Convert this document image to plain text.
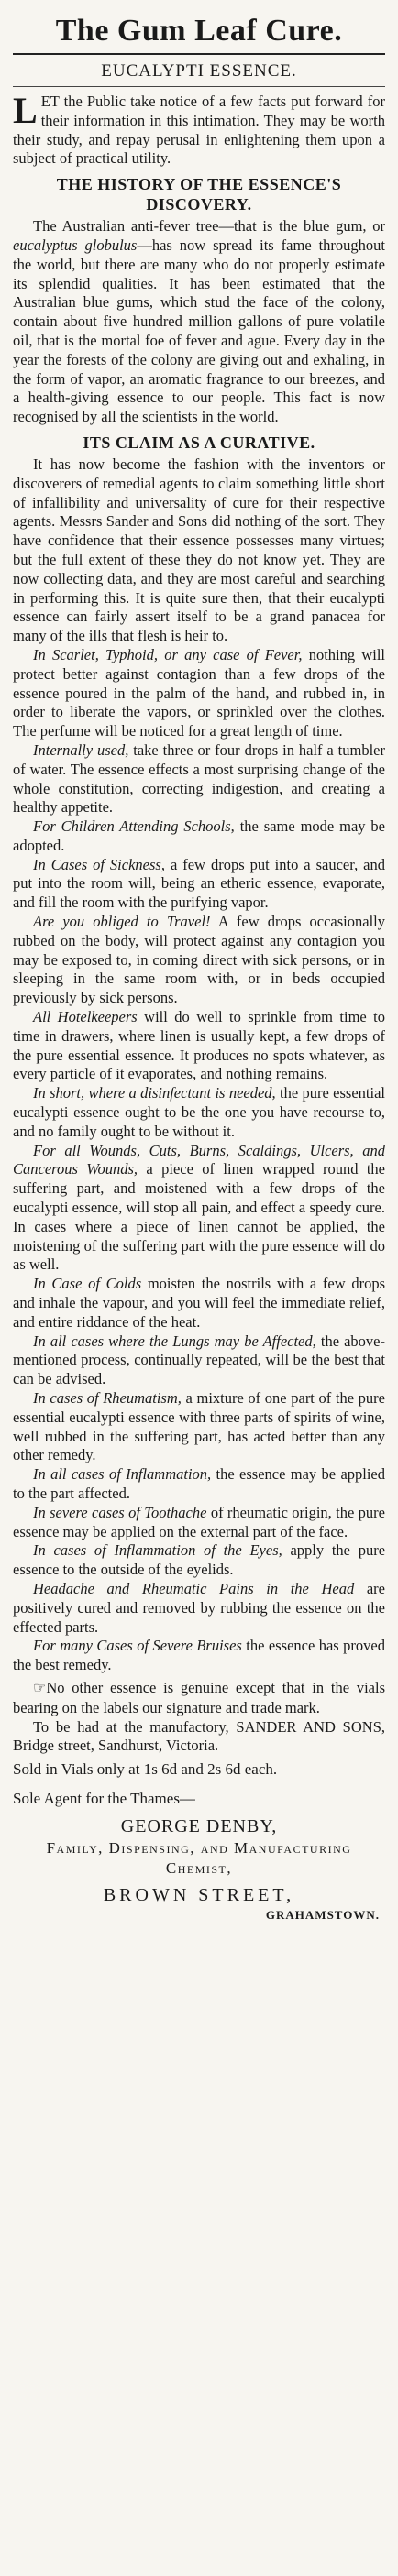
The Gum Leaf Cure.
EUCALYPTI ESSENCE.
L ET the Public take notice of a few facts put forward for their information in this intimation. They may be worth their study, and repay perusal in enlightening them upon a subject of practical utility.
THE HISTORY OF THE ESSENCE'S DISCOVERY.

The Australian anti-fever tree—that is the blue gum, or eucalyptus globulus—has now spread its fame throughout the world, but there are many who do not properly estimate its splendid qualities. It has been estimated that the Australian blue gums, which stud the face of the colony, contain about five hundred million gallons of pure volatile oil, that is the mortal foe of fever and ague. Every day in the year the forests of the colony are giving out and exhaling, in the form of vapor, an aromatic fragrance to our breezes, and a health-giving essence to our people. This fact is now recognised by all the scientists in the world.

ITS CLAIM AS A CURATIVE.

It has now become the fashion with the inventors or discoverers of remedial agents to claim something little short of infallibility and universality of cure for their respective agents. Messrs Sander and Sons did nothing of the sort. They have confidence that their essence possesses many virtues; but the full extent of these they do not know yet. They are now collecting data, and they are most careful and searching in performing this. It is quite sure then, that their eucalypti essence can fairly assert itself to be a grand panacea for many of the ills that flesh is heir to.

In Scarlet, Typhoid, or any case of Fever, nothing will protect better against contagion than a few drops of the essence poured in the palm of the hand, and rubbed in, in order to liberate the vapors, or sprinkled over the clothes. The perfume will be noticed for a great length of time.

Internally used, take three or four drops in half a tumbler of water. The essence effects a most surprising change of the whole constitution, correcting indigestion, and creating a healthy appetite.

For Children Attending Schools, the same mode may be adopted.

In Cases of Sickness, a few drops put into a saucer, and put into the room will, being an etheric essence, evaporate, and fill the room with the purifying vapor.

Are you obliged to Travel! A few drops occasionally rubbed on the body, will protect against any contagion you may be exposed to, in coming direct with sick persons, or in sleeping in the same room with, or in beds occupied previously by sick persons.

All Hotelkeepers will do well to sprinkle from time to time in drawers, where linen is usually kept, a few drops of the pure essential essence. It produces no spots whatever, as every particle of it evaporates, and nothing remains.

In short, where a disinfectant is needed, the pure essential eucalypti essence ought to be the one you have recourse to, and no family ought to be without it.

For all Wounds, Cuts, Burns, Scaldings, Ulcers, and Cancerous Wounds, a piece of linen wrapped round the suffering part, and moistened with a few drops of the eucalypti essence, will stop all pain, and effect a speedy cure. In cases where a piece of linen cannot be applied, the moistening of the suffering part with the pure essence will do as well.

In Case of Colds moisten the nostrils with a few drops and inhale the vapour, and you will feel the immediate relief, and entire riddance of the heat.

In all cases where the Lungs may be Affected, the above-mentioned process, continually repeated, will be the best that can be advised.

In cases of Rheumatism, a mixture of one part of the pure essential eucalypti essence with three parts of spirits of wine, well rubbed in the suffering part, has acted better than any other remedy.

In all cases of Inflammation, the essence may be applied to the part affected.

In severe cases of Toothache of rheumatic origin, the pure essence may be applied on the external part of the face.

In cases of Inflammation of the Eyes, apply the pure essence to the outside of the eyelids.

Headache and Rheumatic Pains in the Head are positively cured and removed by rubbing the essence on the effected parts.

For many Cases of Severe Bruises the essence has proved the best remedy.

☞No other essence is genuine except that in the vials bearing on the labels our signature and trade mark.

To be had at the manufactory, SANDER AND SONS, Bridge street, Sandhurst, Victoria.

Sold in Vials only at 1s 6d and 2s 6d each.
Sole Agent for the Thames—
GEORGE DENBY,
Family, Dispensing, and Manufacturing Chemist,
BROWN STREET,
GRAHAMSTOWN.
